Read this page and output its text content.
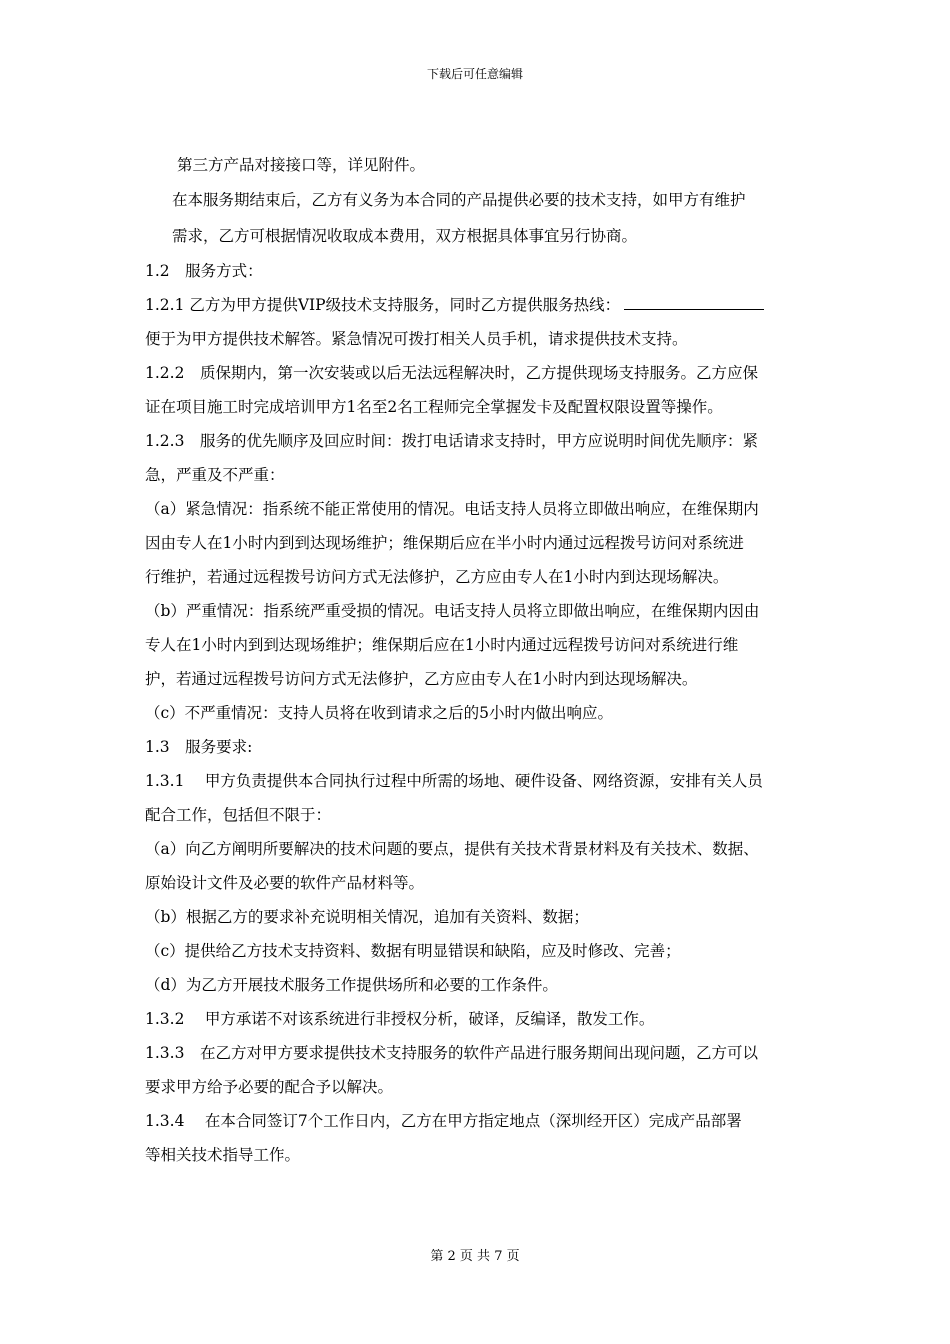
下载后可任意编辑
第三方产品对接接口等，详见附件。
在本服务期结束后，乙方有义务为本合同的产品提供必要的技术支持，如甲方有维护
需求，乙方可根据情况收取成本费用，双方根据具体事宜另行协商。
1.2　服务方式：
1.2.1 乙方为甲方提供VIP级技术支持服务，同时乙方提供服务热线：
便于为甲方提供技术解答。紧急情况可拨打相关人员手机，请求提供技术支持。
1.2.2　质保期内，第一次安装或以后无法远程解决时，乙方提供现场支持服务。乙方应保
证在项目施工时完成培训甲方1名至2名工程师完全掌握发卡及配置权限设置等操作。
1.2.3　服务的优先顺序及回应时间：拨打电话请求支持时，甲方应说明时间优先顺序：紧
急，严重及不严重：
（a）紧急情况：指系统不能正常使用的情况。电话支持人员将立即做出响应，在维保期内
因由专人在1小时内到到达现场维护；维保期后应在半小时内通过远程拨号访问对系统进
行维护，若通过远程拨号访问方式无法修护，乙方应由专人在1小时内到达现场解决。
（b）严重情况：指系统严重受损的情况。电话支持人员将立即做出响应，在维保期内因由
专人在1小时内到到达现场维护；维保期后应在1小时内通过远程拨号访问对系统进行维
护，若通过远程拨号访问方式无法修护，乙方应由专人在1小时内到达现场解决。
（c）不严重情况：支持人员将在收到请求之后的5小时内做出响应。
1.3　服务要求:
1.3.1　 甲方负责提供本合同执行过程中所需的场地、硬件设备、网络资源，安排有关人员
配合工作，包括但不限于：
（a）向乙方阐明所要解决的技术问题的要点，提供有关技术背景材料及有关技术、数据、
原始设计文件及必要的软件产品材料等。
（b）根据乙方的要求补充说明相关情况，追加有关资料、数据；
（c）提供给乙方技术支持资料、数据有明显错误和缺陷，应及时修改、完善；
（d）为乙方开展技术服务工作提供场所和必要的工作条件。
1.3.2　 甲方承诺不对该系统进行非授权分析，破译，反编译，散发工作。
1.3.3　在乙方对甲方要求提供技术支持服务的软件产品进行服务期间出现问题，乙方可以
要求甲方给予必要的配合予以解决。
1.3.4　 在本合同签订7个工作日内，乙方在甲方指定地点（深圳经开区）完成产品部署
等相关技术指导工作。
第 2 页 共 7 页
